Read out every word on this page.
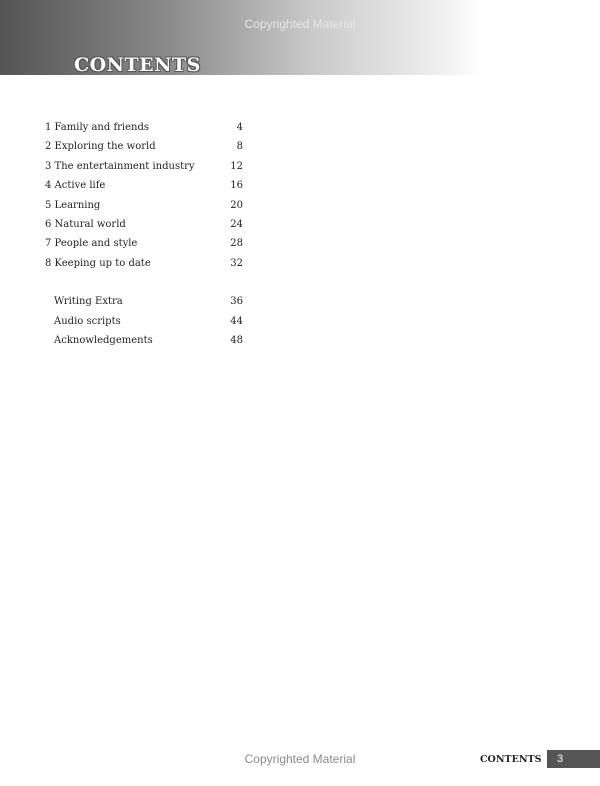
Copyrighted Material
CONTENTS
1 Family and friends	4
2 Exploring the world	8
3 The entertainment industry	12
4 Active life	16
5 Learning	20
6 Natural world	24
7 People and style	28
8 Keeping up to date	32
Writing Extra	36
Audio scripts	44
Acknowledgements	48
Copyrighted Material	CONTENTS	3
